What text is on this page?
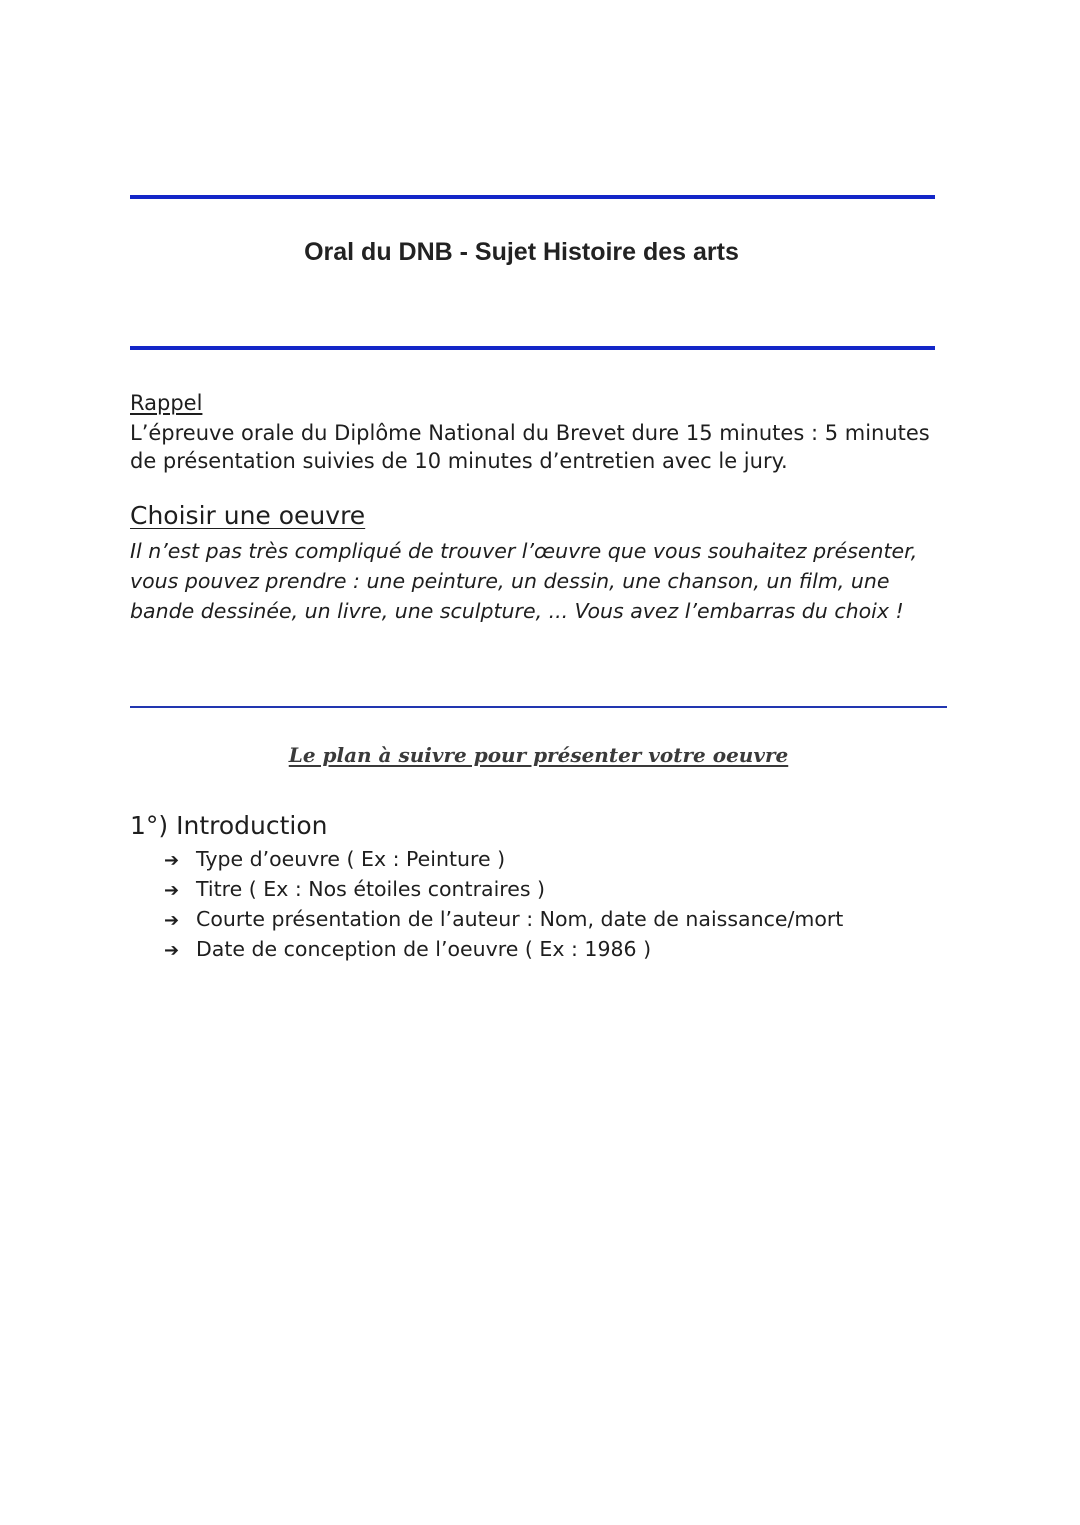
Oral du DNB - Sujet Histoire des arts
Rappel
L’épreuve orale du Diplôme National du Brevet dure 15 minutes : 5 minutes de présentation suivies de 10 minutes d’entretien avec le jury.
Choisir une oeuvre
Il n’est pas très compliqué de trouver l’œuvre que vous souhaitez présenter, vous pouvez prendre : une peinture, un dessin, une chanson, un film, une bande dessinée, un livre, une sculpture, ... Vous avez l’embarras du choix !
Le plan à suivre pour présenter votre oeuvre
1°) Introduction
➔ Type d’oeuvre ( Ex : Peinture )
➔ Titre ( Ex : Nos étoiles contraires )
➔ Courte présentation de l’auteur : Nom, date de naissance/mort
➔ Date de conception de l’oeuvre ( Ex : 1986 )
